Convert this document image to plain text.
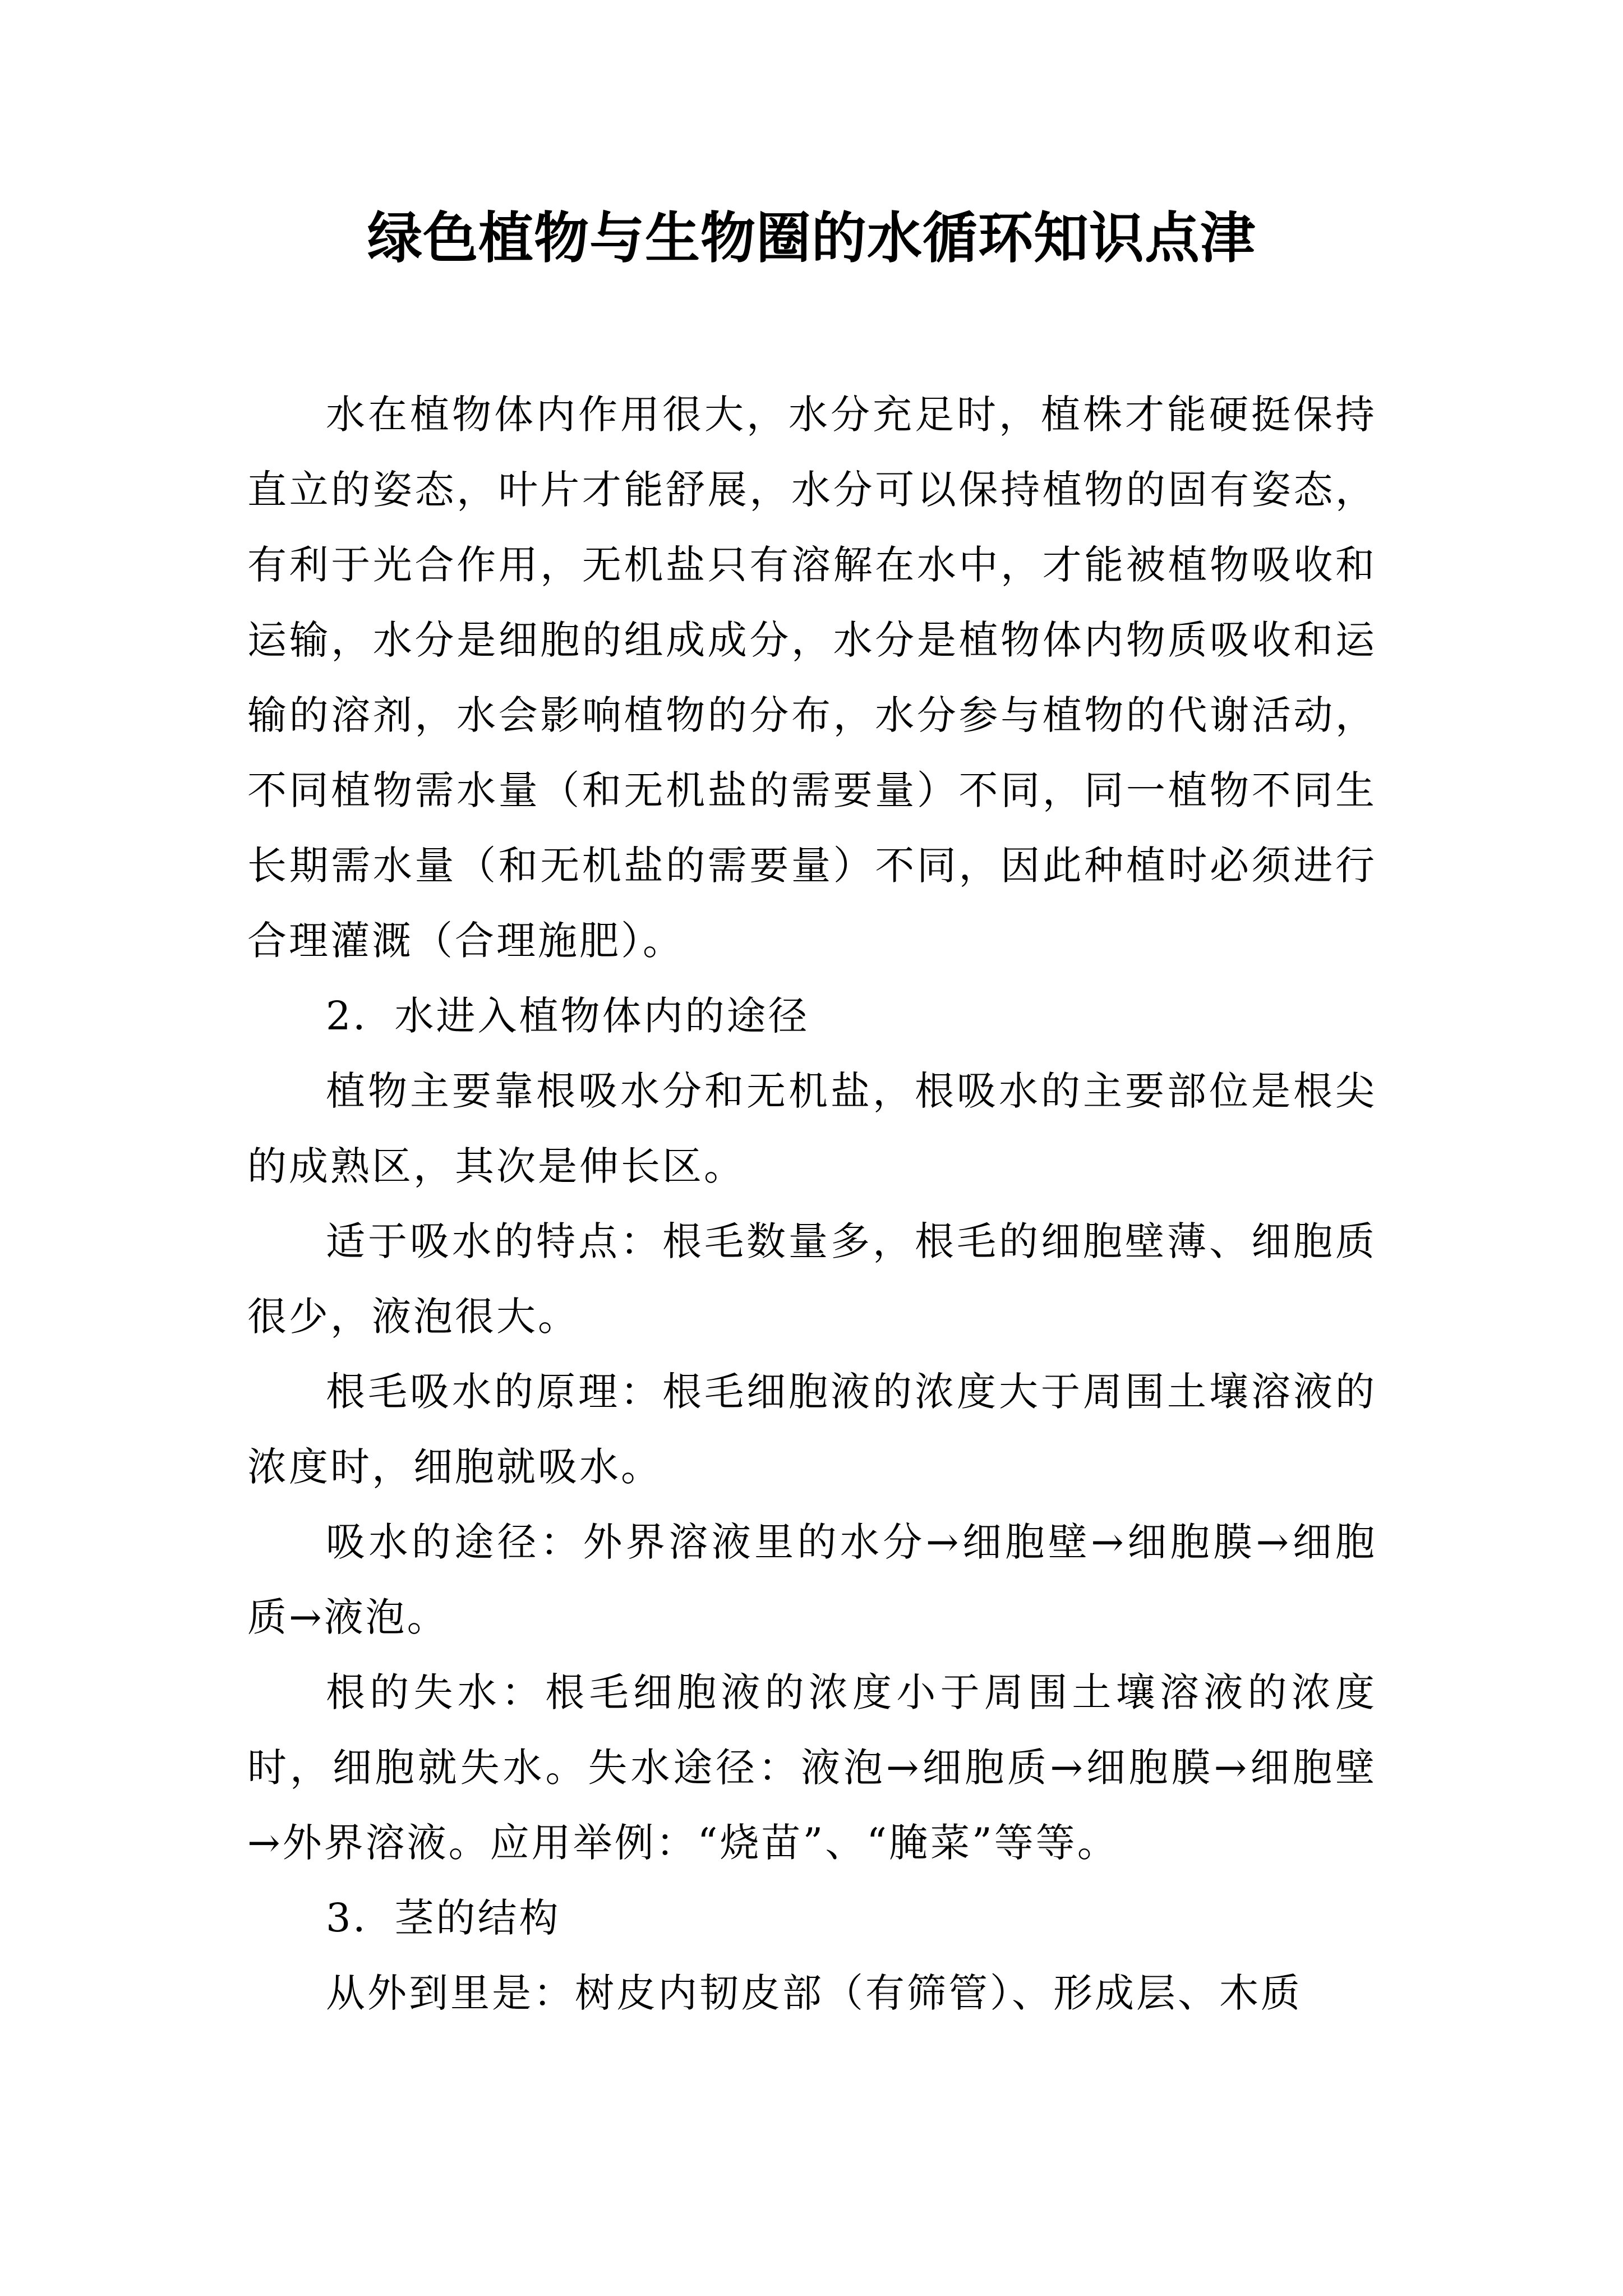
绿色植物与生物圈的水循环知识点津

水在植物体内作用很大，水分充足时，植株才能硬挺保持直立的姿态，叶片才能舒展，水分可以保持植物的固有姿态，有利于光合作用，无机盐只有溶解在水中，才能被植物吸收和运输，水分是细胞的组成成分，水分是植物体内物质吸收和运输的溶剂，水会影响植物的分布，水分参与植物的代谢活动，不同植物需水量（和无机盐的需要量）不同，同一植物不同生长期需水量（和无机盐的需要量）不同，因此种植时必须进行合理灌溉（合理施肥）。

2．水进入植物体内的途径

植物主要靠根吸水分和无机盐，根吸水的主要部位是根尖的成熟区，其次是伸长区。

适于吸水的特点：根毛数量多，根毛的细胞壁薄、细胞质很少，液泡很大。

根毛吸水的原理：根毛细胞液的浓度大于周围土壤溶液的浓度时，细胞就吸水。

吸水的途径：外界溶液里的水分→细胞壁→细胞膜→细胞质→液泡。

根的失水：根毛细胞液的浓度小于周围土壤溶液的浓度时，细胞就失水。失水途径：液泡→细胞质→细胞膜→细胞壁→外界溶液。应用举例：“烧苗”、“腌菜”等等。

3．茎的结构

从外到里是：树皮内韧皮部（有筛管）、形成层、木质
